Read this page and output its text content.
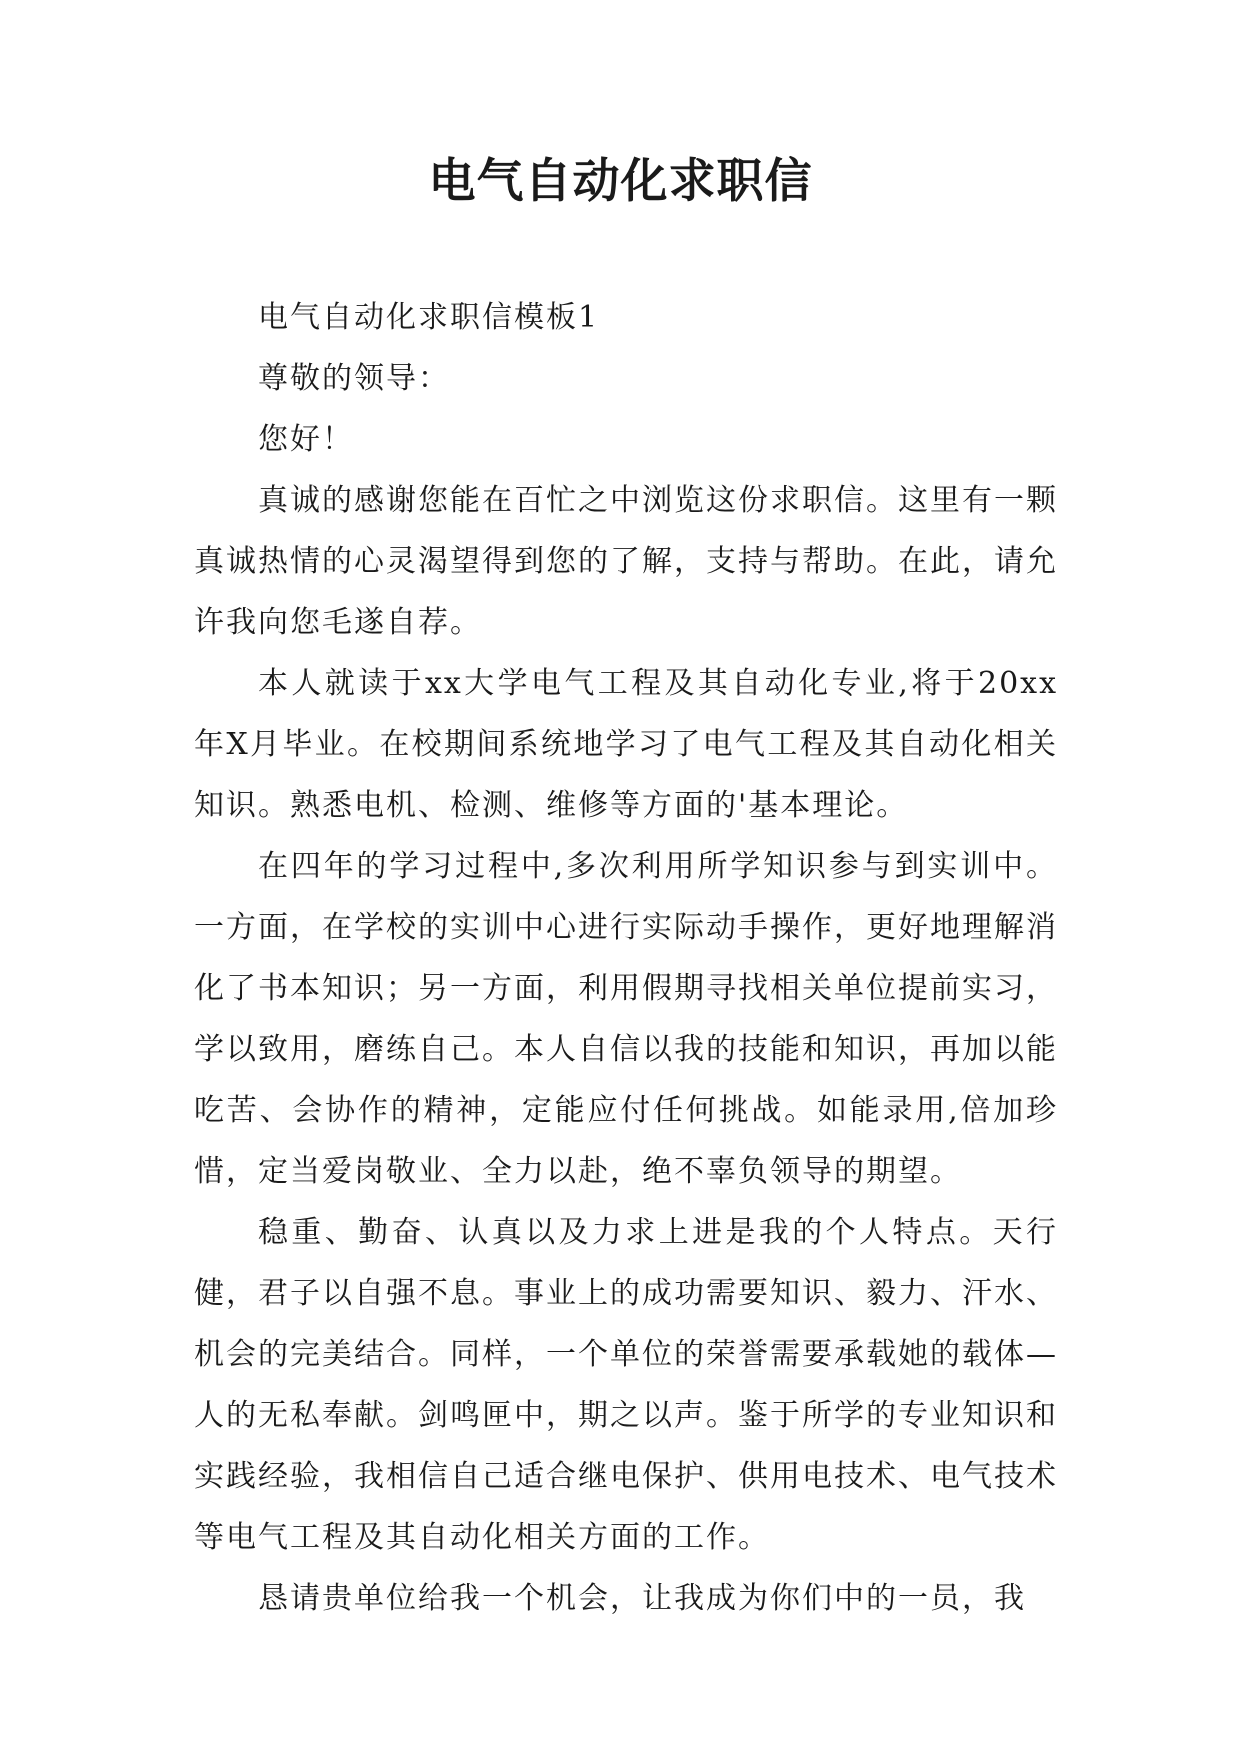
电气自动化求职信

电气自动化求职信模板1

尊敬的领导：

您好！

真诚的感谢您能在百忙之中浏览这份求职信。这里有一颗真诚热情的心灵渴望得到您的了解，支持与帮助。在此，请允许我向您毛遂自荐。

本人就读于xx大学电气工程及其自动化专业,将于20xx年X月毕业。在校期间系统地学习了电气工程及其自动化相关知识。熟悉电机、检测、维修等方面的'基本理论。

在四年的学习过程中,多次利用所学知识参与到实训中。一方面，在学校的实训中心进行实际动手操作，更好地理解消化了书本知识；另一方面，利用假期寻找相关单位提前实习，学以致用，磨练自己。本人自信以我的技能和知识，再加以能吃苦、会协作的精神，定能应付任何挑战。如能录用,倍加珍惜，定当爱岗敬业、全力以赴，绝不辜负领导的期望。

稳重、勤奋、认真以及力求上进是我的个人特点。天行健，君子以自强不息。事业上的成功需要知识、毅力、汗水、机会的完美结合。同样，一个单位的荣誉需要承载她的载体—人的无私奉献。剑鸣匣中，期之以声。鉴于所学的专业知识和实践经验，我相信自己适合继电保护、供用电技术、电气技术等电气工程及其自动化相关方面的工作。

恳请贵单位给我一个机会，让我成为你们中的一员，我
